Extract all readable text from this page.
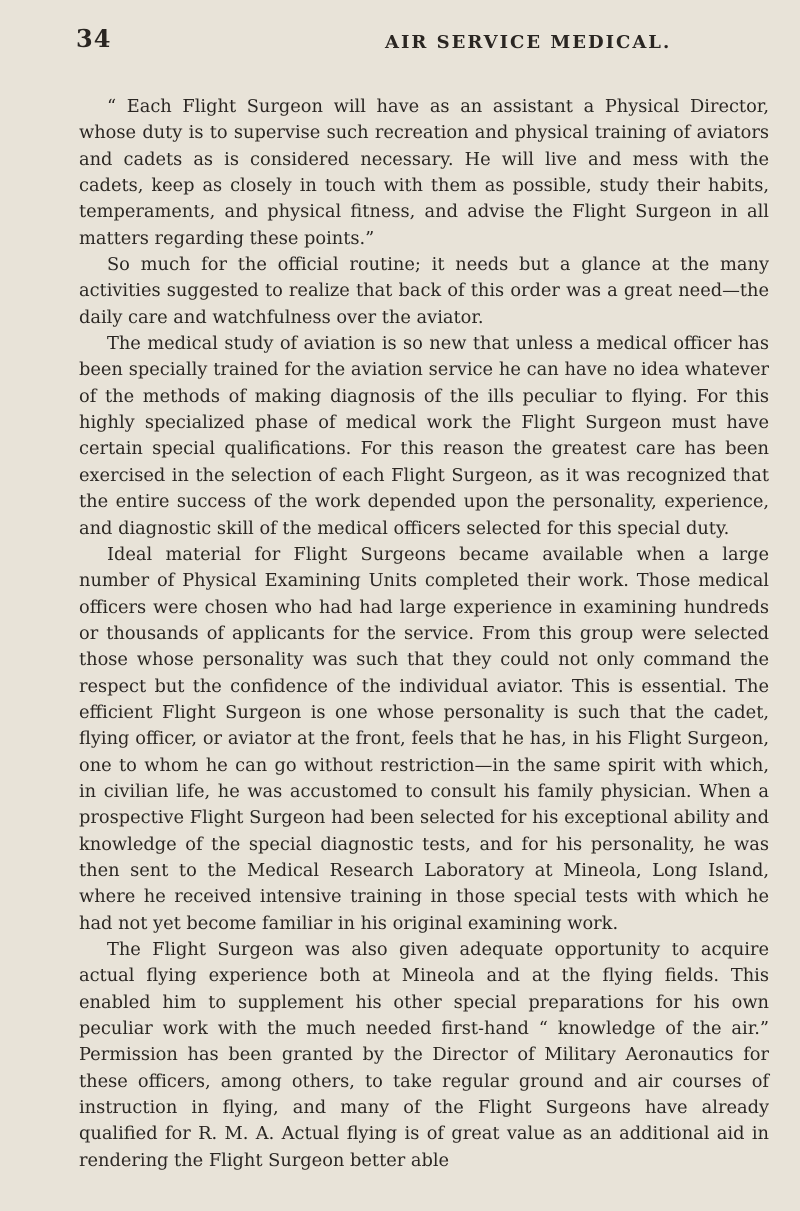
34	AIR SERVICE MEDICAL.

“ Each Flight Surgeon will have as an assistant a Physical Director, whose duty is to supervise such recreation and physical training of aviators and cadets as is considered necessary. He will live and mess with the cadets, keep as closely in touch with them as possible, study their habits, temperaments, and physical fitness, and advise the Flight Surgeon in all matters regarding these points.”

So much for the official routine; it needs but a glance at the many activities suggested to realize that back of this order was a great need—the daily care and watchfulness over the aviator.

The medical study of aviation is so new that unless a medical officer has been specially trained for the aviation service he can have no idea whatever of the methods of making diagnosis of the ills peculiar to flying. For this highly specialized phase of medical work the Flight Surgeon must have certain special qualifications. For this reason the greatest care has been exercised in the selection of each Flight Surgeon, as it was recognized that the entire success of the work depended upon the personality, experience, and diagnostic skill of the medical officers selected for this special duty.

Ideal material for Flight Surgeons became available when a large number of Physical Examining Units completed their work. Those medical officers were chosen who had had large experience in examining hundreds or thousands of applicants for the service. From this group were selected those whose personality was such that they could not only command the respect but the confidence of the individual aviator. This is essential. The efficient Flight Surgeon is one whose personality is such that the cadet, flying officer, or aviator at the front, feels that he has, in his Flight Surgeon, one to whom he can go without restriction—in the same spirit with which, in civilian life, he was accustomed to consult his family physician. When a prospective Flight Surgeon had been selected for his exceptional ability and knowledge of the special diagnostic tests, and for his personality, he was then sent to the Medical Research Laboratory at Mineola, Long Island, where he received intensive training in those special tests with which he had not yet become familiar in his original examining work.

The Flight Surgeon was also given adequate opportunity to acquire actual flying experience both at Mineola and at the flying fields. This enabled him to supplement his other special preparations for his own peculiar work with the much needed first-hand “ knowledge of the air.” Permission has been granted by the Director of Military Aeronautics for these officers, among others, to take regular ground and air courses of instruction in flying, and many of the Flight Surgeons have already qualified for R. M. A. Actual flying is of great value as an additional aid in rendering the Flight Surgeon better able
